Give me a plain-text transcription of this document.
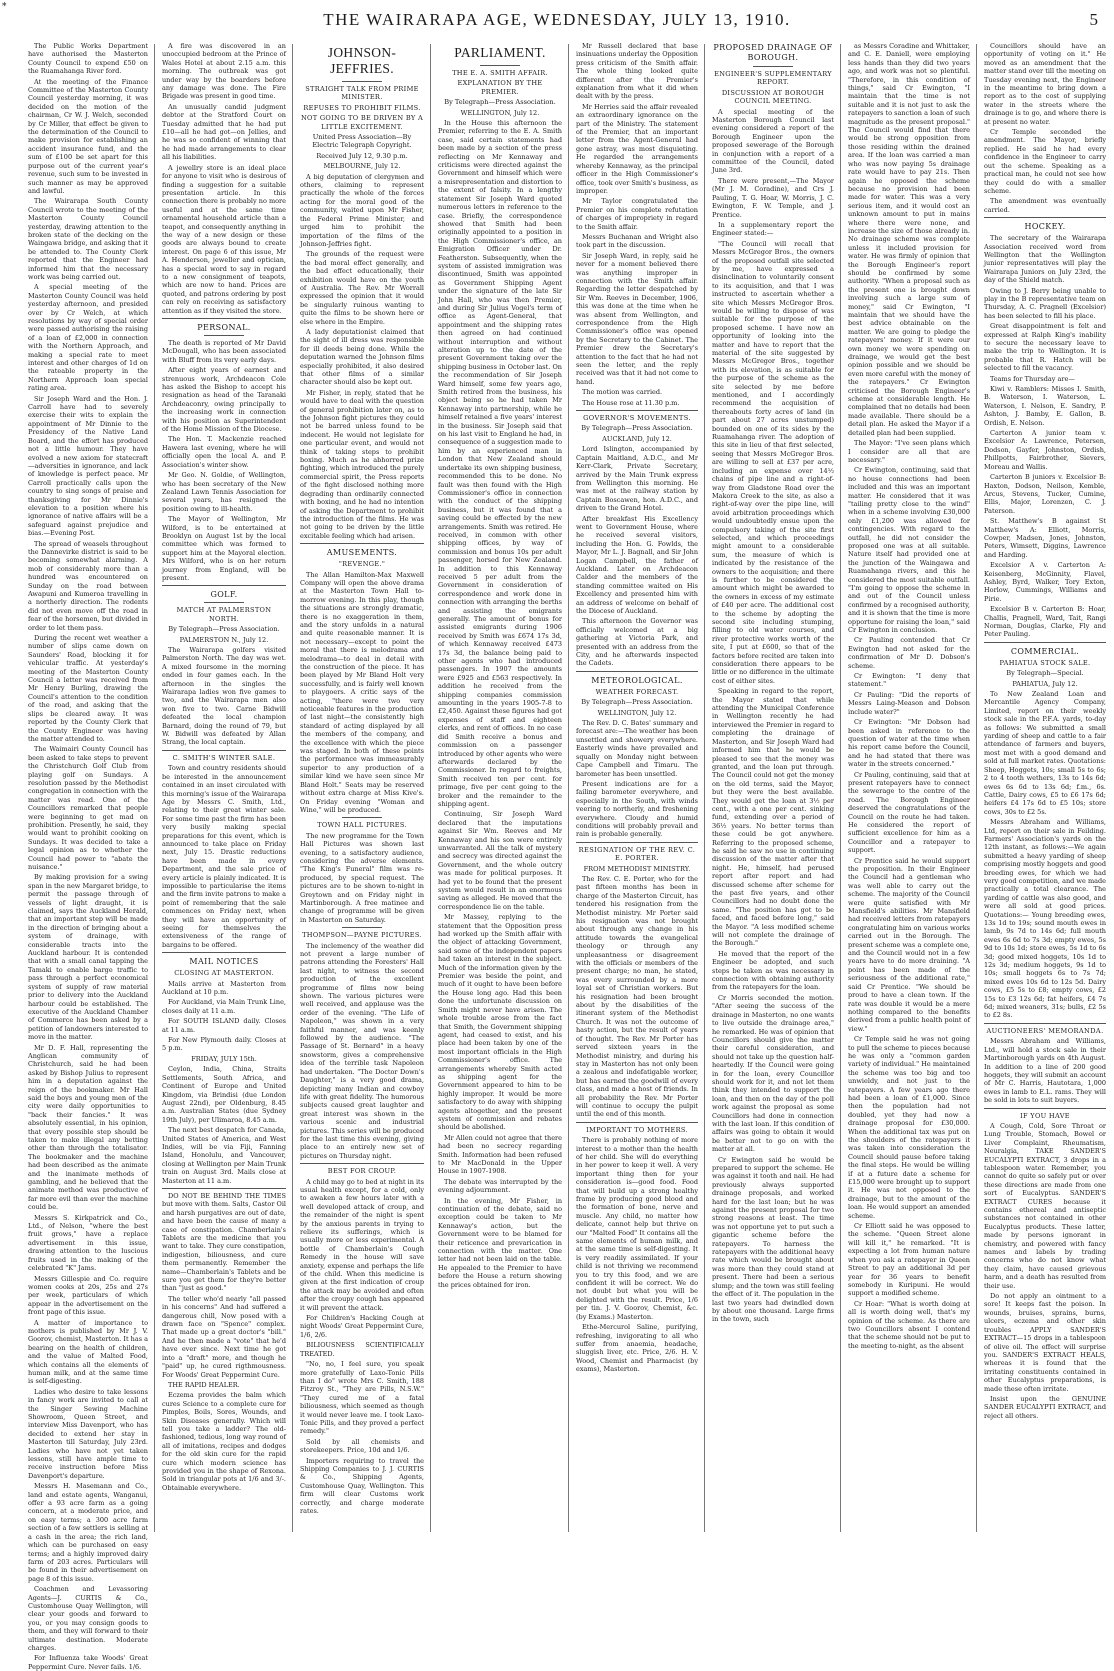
*
THE WAIRARAPA AGE, WEDNESDAY, JULY 13, 1910.	5

The Public Works Department have authorised the Masterton County Council to expend £50 on the Ruamahanga River ford.

At the meeting of the Finance Committee of the Masterton County Council yesterday morning, it was decided on the motion of the chairman, Cr W. J. Welch, seconded by Cr Miller, that effect be given to the determination of the Council to make provision for establishing an accident insurance fund, and the sum of £100 be set apart for this purpose out of the current year's revenue, such sum to be invested in such manner as may be approved and lawful.

The Wairarapa South County Council wrote to the meeting of the Masterton County Council yesterday, drawing attention to the broken state of the decking on the Waingawa bridge, and asking that it be attended to. The County Clerk reported that the Engineer had informed him that the necessary work was being carried out.

A special meeting of the Masterton County Council was held yesterday afternoon, and presided over by Cr Welch, at which resolutions by way of special order were passed authorising the raising of a loan of £2,000 in connection with the Northern Approach, and making a special rate to meet interest and other charges of 1d on the rateable property in the Northern Approach loan special rating area.

Sir Joseph Ward and the Hon. J. Carroll have had to severely exercise their wits to explain the appointment of Mr Dinnie to the Presidency of the Native Land Board, and the effort has produced not a little humour. They have evolved a new axiom for statecraft—adversities in ignorance, and lack of knowledge is perfect peace. Mr Carroll practically calls upon the country to sing songs of praise and thanksgiving for Mr Dinnie's elevation to a position where his ignorance of native affairs will be a safeguard against prejudice and bias.—Evening Post.

The spread of weasels throughout the Dannevirke district is said to be becoming somewhat alarming. A mob of considerably more than a hundred was encountered on Sunday on the road between Awapuni and Kumeroa travelling in a northerly direction. The rodents did not even move off the road in fear of the horsemen, but divided in order to let them pass.

During the recent wet weather a number of slips came down on Saunders' Road, blocking it for vehicular traffic. At yesterday's meeting of the Masterton County Council a letter was received from Mr Henry Burling, drawing the Council's attention to the condition of the road, and asking that the slips be cleared away. It was reported by the County Clerk that the County Engineer was having the matter attended to.

The Waimairi County Council has been asked to take steps to prevent the Christchurch Golf Club from playing golf on Sundays. A resolution passed by the Methodist congregation in connection with the matter was read. One of the Councillors remarked that people were beginning to get mad on prohibition. Presently, he said, they would want to prohibit cooking on Sundays. It was decided to take a legal opinion as to whether the Council had power to "abate the nuisance."

By making provision for a swing span in the new Margaret bridge, to permit the passage through of vessels of light draught, it is claimed, says the Auckland Herald, that an important step will be made in the direction of bringing about a system of drainage, with considerable tracts into the Auckland harbour. It is contended that with a small canal tapping the Tamaki to enable barge traffic to pass through a perfect economical system of supply of raw material prior to delivery into the Auckland harbour could be established. The executive of the Auckland Chamber of Commerce has been asked by a petition of landowners interested to move in the matter.

Mr D. F. Hall, representing the Anglican community of Christchurch, said he had been asked by Bishop Julius to represent him in a deputation against the reign of the bookmaker. Mr Hall said the boys and young men of the city were daily opportunities to "back their fancies." It was absolutely essential, in his opinion, that every possible step should be taken to make illegal any betting other than through the totalisator. The bookmaker and the machine had been described as the animate and the inanimate methods of gambling, and he believed that the animate method was productive of far more evil than ever the machine could be.

Messrs S. Kirkpatrick and Co., Ltd., of Nelson, "where the best fruit grows," have a replace advertisement in this issue, drawing attention to the luscious fruits used in the making of the celebrated "K" Jams.

Messrs Gillespie and Co. require women cooks at 20s, 25s and 27s per week, particulars of which appear in the advertisement on the front page of this issue.

A matter of importance to mothers is published by Mr J. V. Goorov, chemist, Masterton. It has a bearing on the health of children, and the value of Malted Food, which contains all the elements of human milk, and at the same time is self-digesting.

Ladies who desire to take lessons in fancy work are invited to call at the Singer Sewing Machine Showroom, Queen Street, and interview Miss Davenport, who has decided to extend her stay in Masterton till Saturday, July 23rd. Ladies who have not yet taken lessons, still have ample time to receive instruction before Miss Davenport's departure.

Messrs H. Masemann and Co., land and estate agents, Wanganui, offer a 93 acre farm as a going concern, at a moderate price, and on easy terms; a 300 acre farm section of a few settlers is selling at a cash in the area; the rich land, which can be purchased on easy terms; and a highly improved dairy farm of 203 acres. Particulars will be found in their advertisement on page 8 of this issue.

Coachmen and Levassoring Agents—J. CURTIS & Co., Customhouse Quay Wellington, will clear your goods and forward to you, or you may consign goods to them, and they will forward to their ultimate destination. Moderate charges.

For Influenza take Woods' Great Peppermint Cure. Never fails. 1/6.

A fire was discovered in an unoccupied bedroom at the Prince of Wales Hotel at about 2.15 a.m. this morning. The outbreak was got under way by the boarders before any damage was done. The Fire Brigade was present in good time.

An unusually candid judgment debtor at the Stratford Court on Tuesday admitted that he had put £10—all he had got—on Jellies, and he was so confident of winning that he had made arrangements to clear all his liabilities.

A jewellry store is an ideal place for anyone to visit who is desirous of finding a suggestion for a suitable presentation article. In this connection there is probably no more useful and at the same time ornamental household article than a teapot, and consequently anything in the way of a new design or these goods are always bound to create interest. On page 6 of this issue, Mr A. Henderson, jeweller and optician, has a special word to say in regard to a new consignment of teapots, which are now to hand. Prices are quoted, and patrons ordering by post can rely on receiving as satisfactory attention as if they visited the store.

PERSONAL.

The death is reported of Mr David McDougall, who has been associated with Bluff from its very early days.

After eight years of earnest and strenuous work, Archdeacon Cole has asked the Bishop to accept his resignation as head of the Taranaki Archdeaconry, owing principally to the increasing work in connection with his position as Superintendent of the Home Mission of the Diocese.

The Hon. T. Mackenzie reached Hawera last evening, where he will officially open the local A. and P. Association's winter show.

Mr Geo. N. Goldie, of Wellington, who has been secretary of the New Zealand Lawn Tennis Association for several years, has resigned the position owing to ill-health.

The Mayor of Wellington, Mr Wilford, is to be entertained at Brooklyn on August 1st by the local committee which was formed to support him at the Mayoral election. Mrs Wilford, who is on her return journey from England, will be present.

GOLF.
MATCH AT PALMERSTON NORTH.
By Telegraph—Press Association.
PALMERSTON N., July 12.

The Wairarapa golfers visited Palmerston North. The day was wet. A mixed foursome in the morning ended in four games each. In the afternoon in the singles the Wairarapa ladies won five games to two, and the Wairarapa men also won five to two. Carne Bidwill defeated the local champion Barnard, doing the round of 79, but W. Bidwill was defeated by Allan Strang, the local captain.

C. SMITH'S WINTER SALE.

Town and country residents should be interested in the announcement contained in an inset circulated with this morning's issue of the Wairarapa Age by Messrs C. Smith, Ltd., relating to their great winter sale. For some time past the firm has been very busily making special preparations for this event, which is announced to take place on Friday next, July 15. Drastic reductions have been made in every Department, and the sale price of every article is plainly indicated. It is impossible to particularise the items and the firm invite patrons to make a point of remembering that the sale commences on Friday next, when they will have an opportunity of seeing for themselves the extensiveness of the range of bargains to be offered.

MAIL NOTICES
CLOSING AT MASTERTON.

Mails arrive at Masterton from Auckland at 10 p.m.

For Auckland, via Main Trunk Line, closes daily at 11 a.m.

For SOUTH ISLAND daily. Closes at 11 a.m.

For New Plymouth daily. Closes at 5 p.m.

FRIDAY, JULY 15th.

Ceylon, India, China, Straits Settlements, South Africa, and Continent of Europe and United Kingdom, via Brindisi (due London August 22nd), per Oldenburg, 8.45 a.m. Australian States (due Sydney 19th July), per Ulimaroa, 8.45 a.m.

The next best despatch for Canada, United States of America, and West Indies, will be via Fiji, Fanning Island, Honolulu, and Vancouver, closing at Wellington per Main Trunk train on August 3rd. Mails close at Masterton at 11 a.m.

DO NOT BE BEHIND THE TIMES but move with them. Salts, Castor Oil and harsh purgatives are out of date, and have been the cause of many a case of constipation. Chamberlain's Tablets are the medicine that you want to take. They cure constipation, indigestion, biliousness, and cure them permanently. Remember the name—Chamberlain's Tablets and be sure you get them for they're better than "just as good."

The teller who'd nearly "all passed in his concerns" And had suffered a dangerous chill, Now posed with a drawn face on "Spence" complex. That made up a great doctor's "bill." And he then made a "vote" that he'd have ever since. Next time he got into a "draft" more, and though he "paid" up, he cured rigthmousness. For Woods' Great Peppermint Cure.

THE RAPID HEALER.

Eczema provides the balm which cures Science to a complete cure for Pimples, Boils, Sores, Wounds, and Skin Diseases generally. Which will tell you take a ladder? The old-fashioned, tedious, long way round of all of imitations, recipes and dodges for the old skin cure for the rapid cure which modern science has provided you in the shape of Rexona. Sold in triangular pots at 1/6 and 3/-. Obtainable everywhere.

JOHNSON-JEFFRIES.
STRAIGHT TALK FROM PRIME MINISTER.
REFUSES TO PROHIBIT FILMS.
NOT GOING TO BE DRIVEN BY A LITTLE EXCITEMENT.
United Press Association—By Electric Telegraph Copyright.
Received July 12, 9.30 p.m.
MELBOURNE, July 12.

A big deputation of clergymen and others, claiming to represent practically the whole of the forces acting for the moral good of the community, waited upon Mr Fisher, the Federal Prime Minister, and urged him to prohibit the importation of the films of the Johnson-Jeffries fight.

The grounds of the request were the bad moral effect generally, and the bad effect educationally, their exhibition would have on the youth of Australia. The Rev. Mr Worrall expressed the opinion that it would be singularly ruinous wanting to quite the films to be shown here or else where in the Empire.

A lady deputationist claimed that the sight of ill dress was responsible for ill deeds being done. While the deputation warned the Johnson films especially prohibited, it also desired that other films of a similar character should also be kept out.

Mr Fisher, in reply, stated that he would have to deal with the question of general prohibition later on, as to the Johnson fight pictures they could not be barred unless found to be indecent. He would not legislate for one particular event, and would not think of taking steps to prohibit boxing. Much as he abhorred prize fighting, which introduced the purely commercial spirit, the Press reports of the fight disclosed nothing more degrading than ordinarily connected with boxing, and he had no intention of asking the Department to prohibit the introduction of the films. He was not going to be driven by the little excitable feeling which had arisen.

AMUSEMENTS.
"REVENGE."

The Allan Hamilton-Max Maxwell Company will open the above drama at the Masterton Town Hall to-morrow evening. In this play, though the situations are strongly dramatic, there is no exaggeration in them, and the story unfolds in a natural and quite reasonable manner. It is not necessary—except to point the moral that there is melodrama and melodrama—to deal in detail with the construction of the piece. It has been played by Mr Bland Holt very successfully, and is fairly well known to playgoers. A critic says of the acting, "there were two very noticeable features in the production of last night—the consistently high standard of acting displayed by all the members of the company, and the excellence with which the piece was staged. In both of these points the performance was immeasurably superior to any production of a similar kind we have seen since Mr Bland Holt." Seats may be reserved without extra charge at Miss Kive's. On Friday evening "Woman and Wine," will be produced.

TOWN HALL PICTURES.

The new programme for the Town Hall Pictures was shown last evening, to a satisfactory audience, considering the adverse elements. "The King's Funeral" film was re-produced, by special request. The pictures are to be shown to-night in Greytown and on Friday night in Martinborough. A free matinee and change of programme will be given in Masterton on Saturday.

THOMPSON—PAYNE PICTURES.

The inclemency of the weather did not prevent a large number of patrons attending the Foresters' Hall last night, to witness the second production of the excellent programme of films now being shown. The various pictures were well received, and applause was the order of the evening. "The Life of Napoleon," was shown in a very faithful manner, and was keenly followed by the audience. "The Passage of St. Bernard" in a heavy snowstorm, gives a comprehensive idea of the terrible task Napoleon had undertaken. "The Doctor Down's Daughter," is a very good drama, depicting many Indian and cowboy life with great fidelity. The humorous subjects caused great laughter and great interest was shown in the various scenic and industrial pictures. This series will be produced for the last time this evening, giving place to an entirely new set of pictures on Thursday night.

BEST FOR CROUP.

A child may go to bed at night in its usual health except, for a cold, only to awaken a few hours later with a well developed attack of croup, and the remainder of the night is spent by the anxious parents in trying to relieve its sufferings, which is usually more or less experimental. A bottle of Chamberlain's Cough Remedy in the house will save anxiety, expense and perhaps the life of the child. When this medicine is given at the first indication of croup the attack may be avoided and often after the croupy cough has appeared it will prevent the attack.

For Children's Hacking Cough at night Woods' Great Peppermint Cure, 1/6, 2/6.

BILIOUSNESS SCIENTIFICALLY TREATED.

"No, no, I feel sure, you speak more gratefully of Laxo-Tonic Pills than I do" wrote Mrs C. Smith, 188 Fitzroy St., "They are Pills, N.S.W." "They cured me of a fatal biliousness, which seemed as though it would never leave me. I took Laxo-Tonic Pills, and they proved a perfect remedy."

Sold by all chemists and storekeepers. Price, 10d and 1/6.

Importers requiring to travel the Shipping Companies to J. J. CURTIS & Co., Shipping Agents, Customhouse Quay, Wellington. This firm will clear Customs work correctly, and charge moderate rates.

PARLIAMENT.
THE E. A. SMITH AFFAIR.
EXPLANATION BY THE PREMIER.
By Telegraph—Press Association.
WELLINGTON, July 12.

In the House this afternoon the Premier, referring to the E. A. Smith case, said certain statements had been made by a section of the press reflecting on Mr Kennaway and criticisms were directed against the Government and himself which were a misrepresentation and distortion to the extent of falsity. In a lengthy statement Sir Joseph Ward quoted numerous letters in reference to the case. Briefly, the correspondence showed that Smith had been originally appointed to a position in the High Commissioner's office, an Emigration Officer under Dr. Featherston. Subsequently, when the system of assisted immigration was discontinued, Smith was appointed as Government Shipping Agent under the signature of the late Sir John Hall, who was then Premier, and during Sir Julius Vogel's term of office as Agent-General, that appointment and the shipping rates then agreed on had continued without interruption and without alteration up to the date of the present Government taking over the shipping business in October last. On the recommendation of Sir Joseph Ward himself, some few years ago, Smith retired from the business, his object being so he had taken Mr Kennaway into partnership, while he himself retained a five years' interest in the business. Sir Joseph said that on his last visit to England he had, in consequence of a suggestion made to him by an experienced man in London that New Zealand should undertake its own shipping business, recommended this to be done. No fault was then found with the High Commissioner's office in connection with the conduct of the shipping business, but it was found that a saving could be effected by the new arrangements. Smith was retired. He received, in common with other shipping offices, by way of commission and bonus 10s per adult passenger, horsed for New Zealand. In addition to this Kennaway received 5 per adult from the Government in consideration of correspondence and work done in connection with arranging the berths and assisting the emigrants generally. The amount of bonus for assisted emigrants during 1906 received by Smith was £674 17s 3d, of which Kennaway received £473 17s 3d, the balance being paid to other agents who had introduced passengers. In 1907 the amounts were £925 and £563 respectively. In addition he received from the shipping companies commission amounting in the years 1905-7-8 to £2,450. Against these figures had got expenses of staff and eighteen clerks, and rent of offices. In no case did Smith receive a bonus and commission on a passenger introduced by other agents who were afterwards declared by the Commissioner. In regard to freights, Smith received ten per cent. for primage, five per cent going to the broker and the remainder to the shipping agent.

Continuing, Sir Joseph Ward declared that the imputations against Sir Wm. Reeves and Mr Kennaway and his son were entirely unwarranted. All the talk of mystery and secrecy was directed against the Government, and the whole outcry was made for political purposes. It had yet to be found that the present system would result in an enormous saving as alleged. He moved that the correspondence lie on the table.

Mr Massey, replying to the statement that the Opposition press had worked up the Smith affair with the object of attacking Government, said some of the independent papers had taken an interest in the subject. Much of the information given by the Premier was beside the point, and much of it ought to have been before the House long ago. Had this been done the unfortunate discussion on Smith might never have arisen. The whole trouble arose from the fact that Smith, the Government shipping agent, had ceased to exist, and his place had been taken by one of the most important officials in the High Commissioner's office. The arrangements whereby Smith acted as shipping agent for the Government appeared to him to be highly improper. It would be more satisfactory to do away with shipping agents altogether, and the present system of commission and rebates should be abolished.

Mr Allen could not agree that there had been no secrecy regarding Smith. Information had been refused to Mr MacDonald in the Upper House in 1907-1908.

The debate was interrupted by the evening adjournment.

In the evening, Mr Fisher, in continuation of the debate, said no exception could be taken to Mr Kennaway's action, but the Government were to be blamed for their reticence and prevarication in connection with the matter. One letter had not been laid on the table. He appealed to the Premier to have before the House a return showing the prices obtained for iron.

Mr Russell declared that base insinuations underlay the Opposition press criticism of the Smith affair. The whole thing looked quite different after the Premier's explanation from what it did when dealt with by the press.

Mr Herries said the affair revealed an extraordinary ignorance on the part of the Ministry. The statement of the Premier, that an important letter from the Agent-General had gone astray, was most disquieting. He regarded the arrangements whereby Kennaway, as the principal officer in the High Commissioner's office, took over Smith's business, as improper.

Mr Taylor congratulated the Premier on his complete refutation of charges of impropriety in regard to the Smith affair.

Messrs Buchanan and Wright also took part in the discussion.

Sir Joseph Ward, in reply, said he never for a moment believed there was anything improper in connection with the Smith affair. Regarding the letter despatched by Sir Wm. Reeves in December, 1906, this was done at the time when he was absent from Wellington, and correspondence from the High Commissioner's office was opened by the Secretary to the Cabinet. The Premier drew the Secretary's attention to the fact that he had not seen the letter, and the reply received was that it had not come to hand.

The motion was carried.

The House rose at 11.30 p.m.

GOVERNOR'S MOVEMENTS.
By Telegraph—Press Association.
AUCKLAND, July 12.

Lord Islington, accompanied by Captain Maitland, A.D.C., and Mr Kerr-Clark, Private Secretary, arrived by the Main Trunk express from Wellington this morning. He was met at the railway station by Captain Boscawen, hon. A.D.C., and driven to the Grand Hotel.

After breakfast His Excellency went to Government House, where he received several visitors, including the Hon. G. Fowlds, the Mayor, Mr L. J. Bagnall, and Sir John Logan Campbell, the father of Auckland. Later on Archdeacon Calder and the members of the standing committee waited on His Excellency and presented him with an address of welcome on behalf of the Diocese of Auckland.

This afternoon the Governor was officially welcomed at a big gathering at Victoria Park, and presented with an address from the City, and he afterwards inspected the Cadets.

METEOROLOGICAL.
WEATHER FORECAST.
By Telegraph—Press Association.
WELLINGTON, July 12.

The Rev. D. C. Bates' summary and forecast are:—The weather has been unsettled and showery everywhere. Easterly winds have prevailed and squally on Monday night between Cape Campbell and Timaru. The barometer has been unsettled.

Present indications are for a failing barometer everywhere, and especially in the South, with winds veering to northerly, and freshening everywhere. Cloudy and humid conditions will probably prevail and rain is probable generally.

RESIGNATION OF THE REV. C. E. PORTER.
FROM METHODIST MINISTRY.

The Rev. C. E. Porter, who for the past fifteen months has been in charge of the Masterton Circuit, has tendered his resignation from the Methodist ministry. Mr Porter said his resignation was not brought about through any change in his attitude towards the evangelical theology or through any unpleasantness or disagreement with the officials or members of the present charge; no man, he stated, was every surrounded by a more loyal set of Christian workers. But his resignation had been brought about by the disabilities of the itinerant system of the Methodist Church. It was not the outcome of hasty action, but the result of years of thought. The Rev. Mr Porter has served sixteen years in the Methodist ministry, and during his stay in Masterton has not only been a zealous and indefatigable worker, but has earned the goodwill of every class, and made a host of friends. In all probability the Rev. Mr Porter will continue to occupy the pulpit until the end of this month.

IMPORTANT TO MOTHERS.

There is probably nothing of more interest to a mother than the health of her child. She will do everything in her power to keep it well. A very important thing then for your consideration is—good food. Food that will build up a strong healthy frame by producing good blood and the formation of bone, nerve and muscle. Any child, no matter how delicate, cannot help but thrive on our "Malted Food" It contains all the same elements of human milk, and at the same time is self-digesting. It is very readily assimilated. If your child is not thriving we recommend you to try this food, and we are confident it will be correct. We do not doubt but what you will be delighted with the result. Price, 1/6 per tin. J. V. Goorov, Chemist, &c. (by Exams.) Masterton.

Ethe-Mercurol Saline, purifying, refreshing, invigorating to all who suffer from anaemia, headache, sluggish liver, etc. Price, 2/6. H. V. Wood, Chemist and Pharmacist (by exams), Masterton.

PROPOSED DRAINAGE OF BOROUGH.
ENGINEER'S SUPPLEMENTARY REPORT.
DISCUSSION AT BOROUGH COUNCIL MEETING.

A special meeting of the Masterton Borough Council last evening considered a report of the Borough Engineer upon the proposed sewerage of the Borough in conjunction with a report of a committee of the Council, dated June 3rd.

There were present,—The Mayor (Mr J. M. Coradine), and Crs J. Pauling, T. G. Hoar, W. Morris, J. C. Ewington, F. W. Temple, and J. Prentice.

In a supplementary report the Engineer stated:—

"The Council will recall that Messrs McGregor Bros., the owners of the proposed outfall site selected by me, have expressed a disinclination to voluntarily consent to its acquisition, and that I was instructed to ascertain whether a site which Messrs McGregor Bros. would be willing to dispose of was suitable for the purpose of the proposed scheme. I have now an opportunity of looking into the matter and have to report that the material of the site suggested by Messrs McGregor Bros., together with its elevation, is as suitable for the purpose of the scheme as the site selected by me before mentioned, and I accordingly recommend the acquisition of thereabouts forty acres of land (in part about 27 acres unstumped) bounded on one of its sides by the Ruamahanga river. The adoption of this site in lieu of that first selected, seeing that Messrs McGregor Bros. are willing to sell at £37 per acre, including an expense over 14½ chains of pipe line and a right-of-way from Gladstone Road over the Makora Creek to the site, as also a right-of-way over the pipe line, will avoid arbitration proceedings which would undoubtedly ensue upon the compulsory taking of the site first selected, and which proceedings might amount to a considerable sum, the measure of which is indicated by the resistance of the owners to the acquisition; and there is further to be considered the amount which might be awarded to the owners in excess of my estimate of £40 per acre. The additional cost to the scheme by adopting the second site including stumping, filling to old water courses, and river protective works worth of the site, I put at £600, so that of the factors before recited are taken into consideration there appears to be little or no difference in the ultimate cost of either sites.

Speaking in regard to the report, the Mayor stated that while attending the Municipal Conference in Wellington recently he had interviewed the Premier in regard to completing the drainage of Masterton, and Sir Joseph Ward had informed him that he would be pleased to see that the money was granted, and the loan put through. The Council could not get the money on the old terms, said the Mayor, but they were the best available. They would get the loan at 3½ per cent., with a one per cent. sinking fund, extending over a period of 36½ years. No better terms than these could be got anywhere. Referring to the proposed scheme, he said he saw no use in continuing discussion of the matter after that night. He, himself, had perused report after report and had discussed scheme after scheme for the past five years, and other Councillors had no doubt done the same. "The position has got to be faced, and faced before long," said the Mayor. "A less modified scheme will not complete the drainage of the Borough."

He moved that the report of the Engineer be adopted, and such steps be taken as was necessary in connection with obtaining authority from the ratepayers for the loan.

Cr Morris seconded the motion. "After seeing the success of the drainage in Masterton, no one wants to live outside the drainage area," he remarked. He was of opinion that Councillors should give the matter their careful consideration, and should not take up the question half-heartedly. If the Council were going in for the loan, every Councillor should work for it, and not let them think they intended to support the loan, and then on the day of the poll work against the proposal as some Councillors had done in connection with the last loan. If this condition of affairs was going to obtain it would be better not to go on with the matter at all.

Cr Ewington said he would be prepared to support the scheme. He was against it tooth and nail. He had previously always supported drainage proposals, and worked hard for the last loan; but he was against the present proposal for two strong reasons at least. The time was not opportune yet to put such a gigantic scheme before the ratepayers. To harness the ratepayers with the additional heavy rate which would be brought about was more than they could stand at present. There had been a serious slump; and the town was still feeling the effect of it. The population in the last two years had dwindled down by about one thousand. Large firms in the town, such

as Messrs Coradine and Whittaker, and C. E. Daniell, were employing less hands than they did two years ago, and work was not so plentiful. "Therefore, in this condition of things," said Cr Ewington, "I maintain that the time is not suitable and it is not just to ask the ratepayers to sanction a loan of such magnitude as the present proposal." The Council would find that there would be strong opposition from those residing within the drained area. If the loan was carried a man who was now paying 5s drainage rate would have to pay 21s. Then again he opposed the scheme because no provision had been made for water. This was a very serious item, and it would cost an unknown amount to put in mains where there were none, and increase the size of those already in. No drainage scheme was complete unless it included provision for water. He was firmly of opinion that the Borough Engineer's report should be confirmed by some authority. "When a proposal such as the present one is brought down involving such a large sum of money," said Cr Ewington, "I maintain that we should have the best advice obtainable on the matter. We are going to pledge the ratepayers' money. If it were our own money we were spending on drainage, we would get the best opinion possible and we should be even more careful with the money of the ratepayers." Cr Ewington criticised the Borough Engineer's scheme at considerable length. He complained that no details had been made available. There should be a detail plan. He asked the Mayor if a detailed plan had been supplied.

The Mayor: "I've seen plans which I consider are all that are necessary."

Cr Ewington, continuing, said that no house connections had been included and this was an important matter. He considered that it was "tailing pretty close to the wind" when in a scheme involving £30,000 only £1,200 was allowed for contingencies. With regard to the outfall, he did not consider the proposed one was at all suitable. Nature itself had provided one at the junction of the Waingawa and Ruamahanga rivers, and this he considered the most suitable outfall. "I'm going to oppose the scheme in and out of the Council unless confirmed by a recognised authority, and it is shown that the time is more opportune for raising the loan," said Cr Ewington in conclusion.

Cr Pauling contended that Cr Ewington had not asked for the confirmation of Mr D. Dobson's scheme.

Cr Ewington: "I deny that statement."

Cr Pauling: "Did the reports of Messrs Laing-Meason and Dobson include water?"

Cr Ewington: "Mr Dobson had been asked in reference to the question of water at the time when his report came before the Council, and he had stated that there was water in the streets concerned."

Cr Pauling, continuing, said that at present ratepayers have to connect the sewerage to the centre of the road. The Borough Engineer deserved the congratulations of the Council on the route he had taken. He considered the report of sufficient excellence for him as a Councillor and a ratepayer to support.

Cr Prentice said he would support the proposition. In their Engineer the Council had a gentleman who was well able to carry out the scheme. The majority of the Council were quite satisfied with Mr Mansfield's abilities. Mr Mansfield had received letters from ratepayers congratulating him on various works carried out in the Borough. The present scheme was a complete one, and the Council would not in a few years have to do more draining. "A point has been made of the seriousness of the additional rate," said Cr Prentice. "We should be proud to have a clean town. If the rate was double it would be a mere nothing compared to the benefits derived from a public health point of view."

Cr Temple said he was not going to pull the scheme to pieces because he was only a "common garden variety of individual." He maintained the scheme was too big and too unwieldy, and not just to the ratepayers. A few years ago there had been a loan of £1,000. Since then the population had not doubled, yet they had now a drainage proposal for £30,000. When the additional tax was put on the shoulders of the ratepayers it was taken into consideration the Council should pause before taking the final steps. He would be willing if at a future date a scheme for £15,000 were brought up to support it. He was not opposed to the drainage, but to the amount of the loan. He would support an amended scheme.

Cr Elliott said he was opposed to the scheme. "Queen Street alone will kill it," he remarked. "It is expecting a lot from human nature when you ask a ratepayer in Queen Street to pay an additional 3d per year for 36 years to benefit somebody in Kuripuni. He would support a modified scheme.

Cr Hoar: "What is worth doing at all is worth doing well, that's my opinion of the scheme. As there are two Councillors absent I contend that the scheme should not be put to the meeting to-night, as the absent

Councillors should have an opportunity of voting on it." He moved as an amendment that the matter stand over till the meeting on Tuesday evening next, the Engineer in the meantime to bring down a report as to the cost of supplying water in the streets where the drainage is to go, and where there is at present no water.

Cr Temple seconded the amendment. The Mayor, briefly replied. He said he had every confidence in the Engineer to carry out the scheme. Speaking as a practical man, he could not see how they could do with a smaller scheme.

The amendment was eventually carried.

HOCKEY.

The secretary of the Wairarapa Association received word from Wellington that the Wellington junior representatives will play the Wairarapa Juniors on July 23rd, the day of the Shield match.

Owing to J. Berry being unable to play in the B representative team on Thursday, A. C. Pragnell (Excelsior) has been selected to fill his place.

Great disappointment is felt and expressed at Ralph King's inability to secure the necessary leave to make the trip to Wellington. It is probable that R. Hatch will be selected to fill the vacancy.

Teams for Thursday are—

Kiwi v. Ramblers: Misses I. Smith, B. Waterson, I. Waterson, L. Waterson, I. Nelson, E. Sandry, P. Ashton, J. Bamby, E. Gallon, B. Ordish, E. Nelson.

Carterton A junior team v. Excelsior A: Lawrence, Petersen, Dodson, Gayfer, Johnston, Ordish, Phillpotts, Fairbrother, Sievers, Moreau and Wallis.

Carterton B juniors v. Excelsior B: Haxton, Dodson, Neilson, Kemble, Arcus, Stevens, Tucker, Cumine, Ellis, Major, Lorenzen, C. J. Paterson.

St. Matthew's B against St Matthew's A: Elliott, Morris, Cowper, Madsen, Jones, Johnston, Peters, Wimsett, Diggins, Lawrence and Harding.

Excelsior A v. Carterton A: Keisenberg, McGinnity, Flavel, Ashley, Byrd, Walker, Tory Exton, Horlow, Cummings, Williams and Pirie.

Excelsior B v. Carterton B: Hoar, Challis, Pragnell, Ward, Tait, Rangi Norman, Douglas, Clarke, Fly and Peter Pauling.

COMMERCIAL.
PAHIATUA STOCK SALE.
By Telegraph—Special.
PAHIATUA, July 12.

To New Zealand Loan and Mercantile Agency Company, Limited, report on their weekly stock sale in the P.F.A. yards, to-day as follows: We submitted a small yarding of sheep and cattle to a fair attendance of farmers and buyers, most met with a good demand and sold at full market rates. Quotations: Sheep, Hoggets, 10s; small 5s to 6s; 2 to 4 tooth wethers, 13s to 14s 6d; ewes 6s 6d to 13s 6d; f.m., 6s. Cattle, Dairy cows, £5 to £6 17s 6d; heifers £4 17s 6d to £5 10s; store cows, 30s to £2 5s.

Messrs Abraham and Williams, Ltd, report on their sale in Feilding. Farmers' Association's yards on the 12th instant, as follows:—We again submitted a heavy yarding of sheep comprising mostly hoggets and good breeding ewes, for which we had very good competition, and we made practically a total clearance. The yarding of cattle was also good, and were all sold at good prices. Quotations:— Young breeding ewes, 13s 1d to 19s; sound mouth ewes in lamb, 9s 7d to 14s 6d; full mouth ewes 6s 6d to 7s 3d; empty ewes, 5s 9d to 10s 1d; store ewes, 5s 1d to 6s 3d; good mixed hoggets, 10s 1d to 12s 3d; medium hoggets, 9s 1d to 10s; small hoggets 6s to 7s 7d; mixed ewes 10s 6d to 12s 5d. Dairy cows, £5 5s to £8; empty cows, £2 15s to £3 12s 6d; fat heifers, £4 7s 6d; mixed weaners, 31s; bulls, £2 5s to £2 8s.

AUCTIONEERS' MEMORANDA.

Messrs Abraham and Williams, Ltd., will hold a stock sale in their Martinborough yards on 4th August. In addition to a line of 200 good hoggets, they will submit an account of Mr C. Harris, Hautotara, 1,000 ewes in lamb to E.L. rams. They will be sold in lots to suit buyers.

IF YOU HAVE

A Cough, Cold, Sore Throat or Lung Trouble, Stomach, Bowel or Liver Complaint, Rheumatism, Neuralgia, TAKE SANDER'S EUCALYPTI EXTRACT, 3 drops in a tablespoon water. Remember, you cannot do quite so safely put or over these directions are made from one sort of Eucalyptus. SANDER'S EXTRACT CURES because it contains ethereal and antiseptic substances not contained in other Eucalyptus products. These latter, made by persons ignorant in chemistry, and powered with fancy names and labels by trading concerns who do not know what they claim, have caused grievous harm, and a death has resulted from their use.

Do not apply an ointment to a sore! It keeps fast the poison. In wounds, bruises, sprains, burns, ulcers, eczema and other skin troubles APPLY SANDER'S EXTRACT—15 drops in a tablespoon of olive oil. The effect will surprise you. SANDER'S EXTRACT HEALS, whereas it is found that the irritating constituents contained in other Eucalyptus preparations, is made these often irritate.

Insist upon the GENUINE SANDER EUCALYPTI EXTRACT, and reject all others.
